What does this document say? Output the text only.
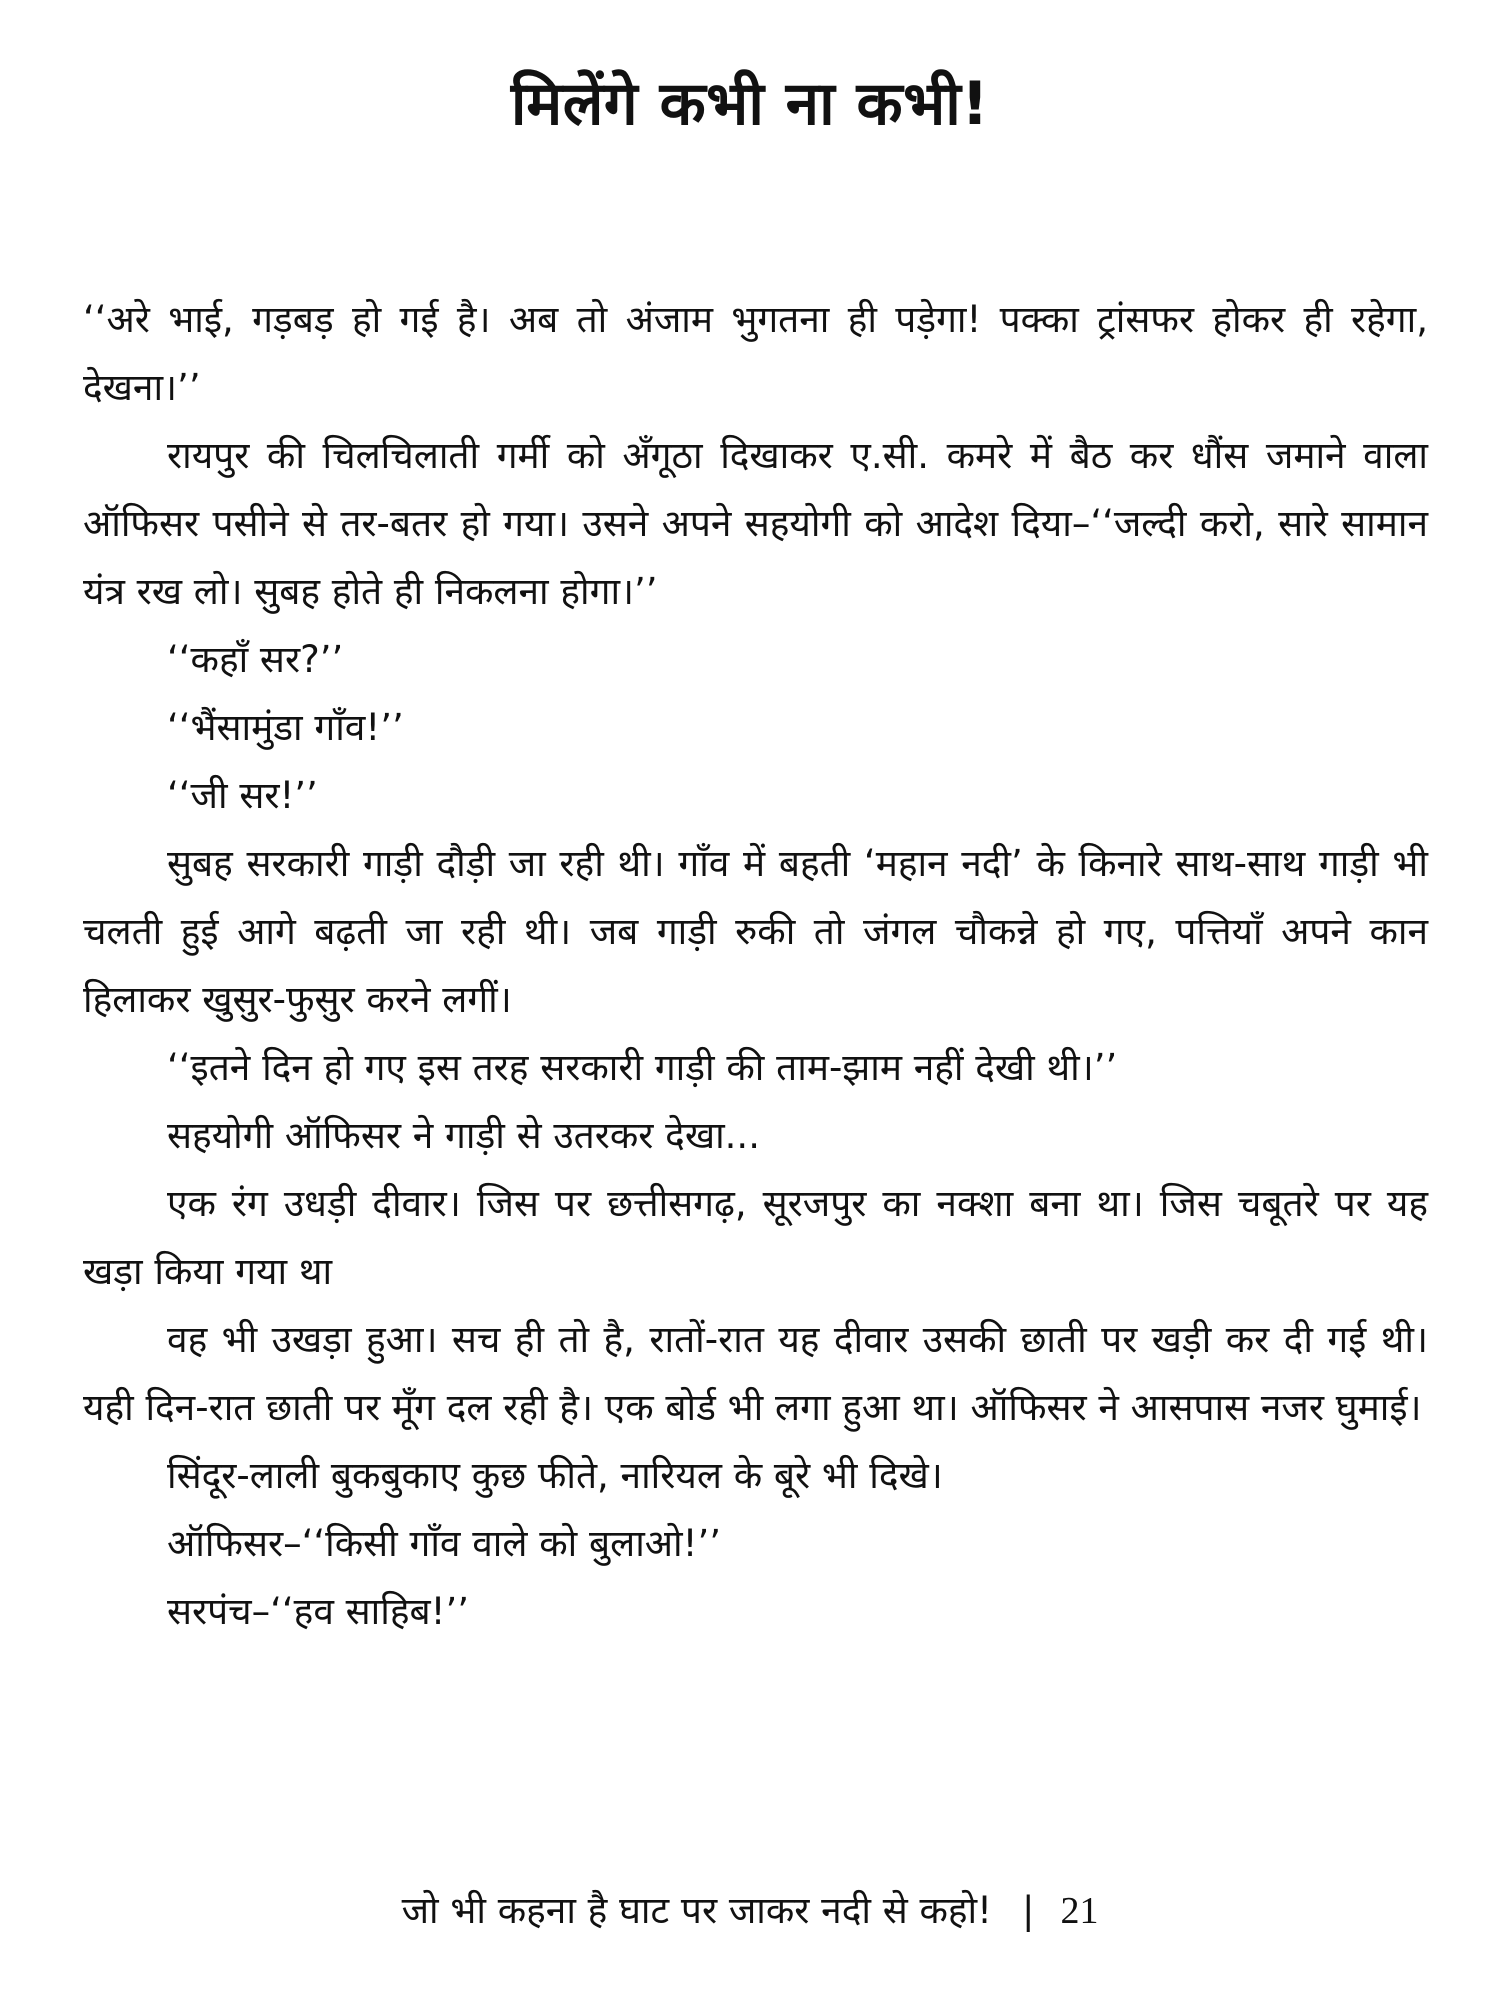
मिलेंगे कभी ना कभी!

‘‘अरे भाई, गड़बड़ हो गई है। अब तो अंजाम भुगतना ही पड़ेगा! पक्का ट्रांसफर होकर ही रहेगा, देखना।’’

रायपुर की चिलचिलाती गर्मी को अँगूठा दिखाकर ए.सी. कमरे में बैठ कर धौंस जमाने वाला ऑफिसर पसीने से तर-बतर हो गया। उसने अपने सहयोगी को आदेश दिया–‘‘जल्दी करो, सारे सामान यंत्र रख लो। सुबह होते ही निकलना होगा।’’

‘‘कहाँ सर?’’

‘‘भैंसामुंडा गाँव!’’

‘‘जी सर!’’

सुबह सरकारी गाड़ी दौड़ी जा रही थी। गाँव में बहती ‘महान नदी’ के किनारे साथ-साथ गाड़ी भी चलती हुई आगे बढ़ती जा रही थी। जब गाड़ी रुकी तो जंगल चौकन्ने हो गए, पत्तियाँ अपने कान हिलाकर खुसुर-फुसुर करने लगीं।

‘‘इतने दिन हो गए इस तरह सरकारी गाड़ी की ताम-झाम नहीं देखी थी।’’

सहयोगी ऑफिसर ने गाड़ी से उतरकर देखा...

एक रंग उधड़ी दीवार। जिस पर छत्तीसगढ़, सूरजपुर का नक्शा बना था। जिस चबूतरे पर यह खड़ा किया गया था

वह भी उखड़ा हुआ। सच ही तो है, रातों-रात यह दीवार उसकी छाती पर खड़ी कर दी गई थी। यही दिन-रात छाती पर मूँग दल रही है। एक बोर्ड भी लगा हुआ था। ऑफिसर ने आसपास नजर घुमाई।

सिंदूर-लाली बुकबुकाए कुछ फीते, नारियल के बूरे भी दिखे।

ऑफिसर–‘‘किसी गाँव वाले को बुलाओ!’’

सरपंच–‘‘हव साहिब!’’

जो भी कहना है घाट पर जाकर नदी से कहो! | 21
